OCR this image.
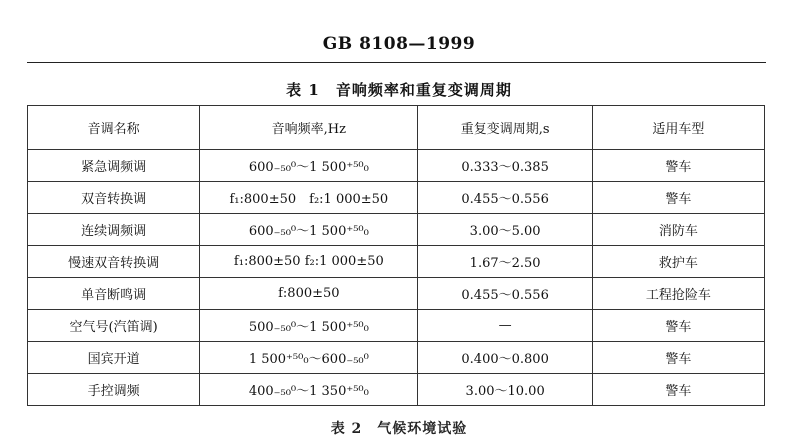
GB 8108—1999
表 1　音响频率和重复变调周期
音调名称	音响频率,Hz	重复变调周期,s	适用车型
紧急调频调	600₋₅₀⁰～1 500⁺⁵⁰₀	0.333～0.385	警车
双音转换调	f₁:800±50　f₂:1 000±50	0.455～0.556	警车
连续调频调	600₋₅₀⁰～1 500⁺⁵⁰₀	3.00～5.00	消防车
慢速双音转换调	f₁:800±50 f₂:1 000±50	1.67～2.50	救护车
单音断鸣调	f:800±50	0.455～0.556	工程抢险车
空气号(汽笛调)	500₋₅₀⁰～1 500⁺⁵⁰₀	—	警车
国宾开道	1 500⁺⁵⁰₀～600₋₅₀⁰	0.400～0.800	警车
手控调频	400₋₅₀⁰～1 350⁺⁵⁰₀	3.00～10.00	警车
表 2　气候环境试验
